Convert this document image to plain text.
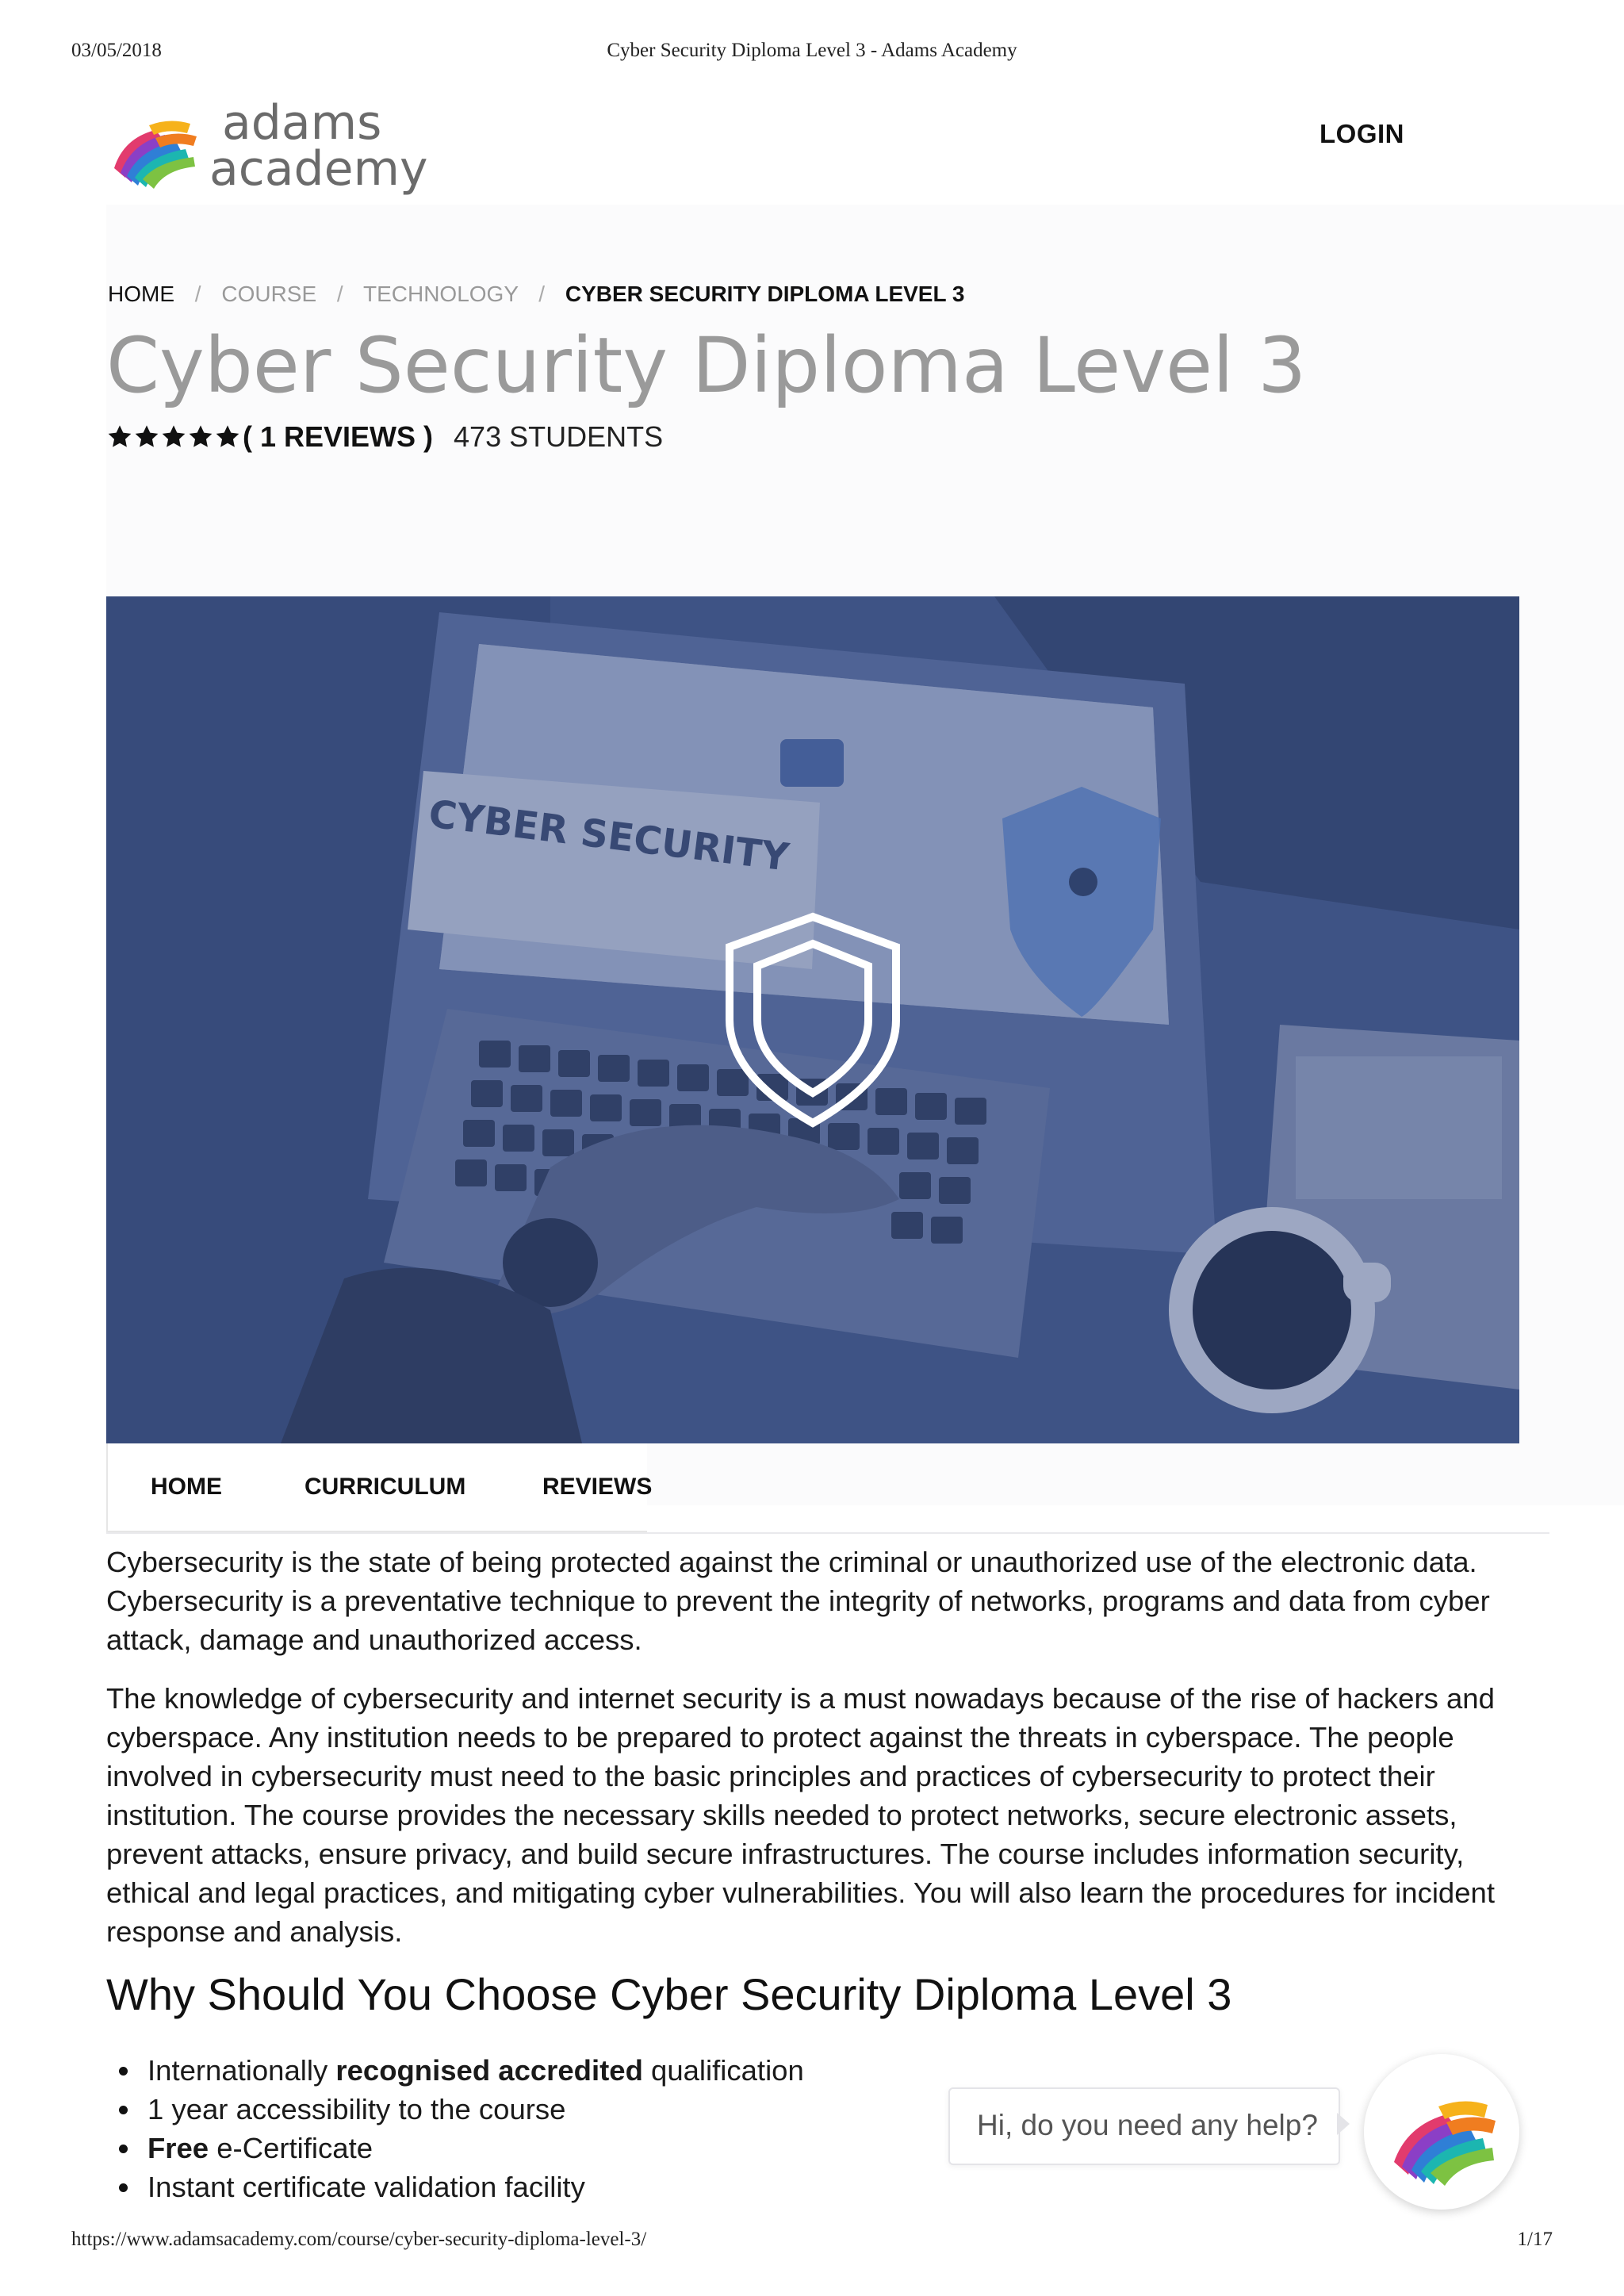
03/05/2018	Cyber Security Diploma Level 3 - Adams Academy
adams
academy
LOGIN
HOME / COURSE / TECHNOLOGY / CYBER SECURITY DIPLOMA LEVEL 3
Cyber Security Diploma Level 3
( 1 REVIEWS ) 473 STUDENTS
CYBER SECURITY
HOME	CURRICULUM	REVIEWS

Cybersecurity is the state of being protected against the criminal or unauthorized use of the electronic data. Cybersecurity is a preventative technique to prevent the integrity of networks, programs and data from cyber attack, damage and unauthorized access.

The knowledge of cybersecurity and internet security is a must nowadays because of the rise of hackers and cyberspace. Any institution needs to be prepared to protect against the threats in cyberspace. The people involved in cybersecurity must need to the basic principles and practices of cybersecurity to protect their institution. The course provides the necessary skills needed to protect networks, secure electronic assets, prevent attacks, ensure privacy, and build secure infrastructures. The course includes information security, ethical and legal practices, and mitigating cyber vulnerabilities. You will also learn the procedures for incident response and analysis.

Why Should You Choose Cyber Security Diploma Level 3
Internationally recognised accredited qualification
1 year accessibility to the course
Free e-Certificate
Instant certificate validation facility
Hi, do you need any help?
https://www.adamsacademy.com/course/cyber-security-diploma-level-3/	1/17
